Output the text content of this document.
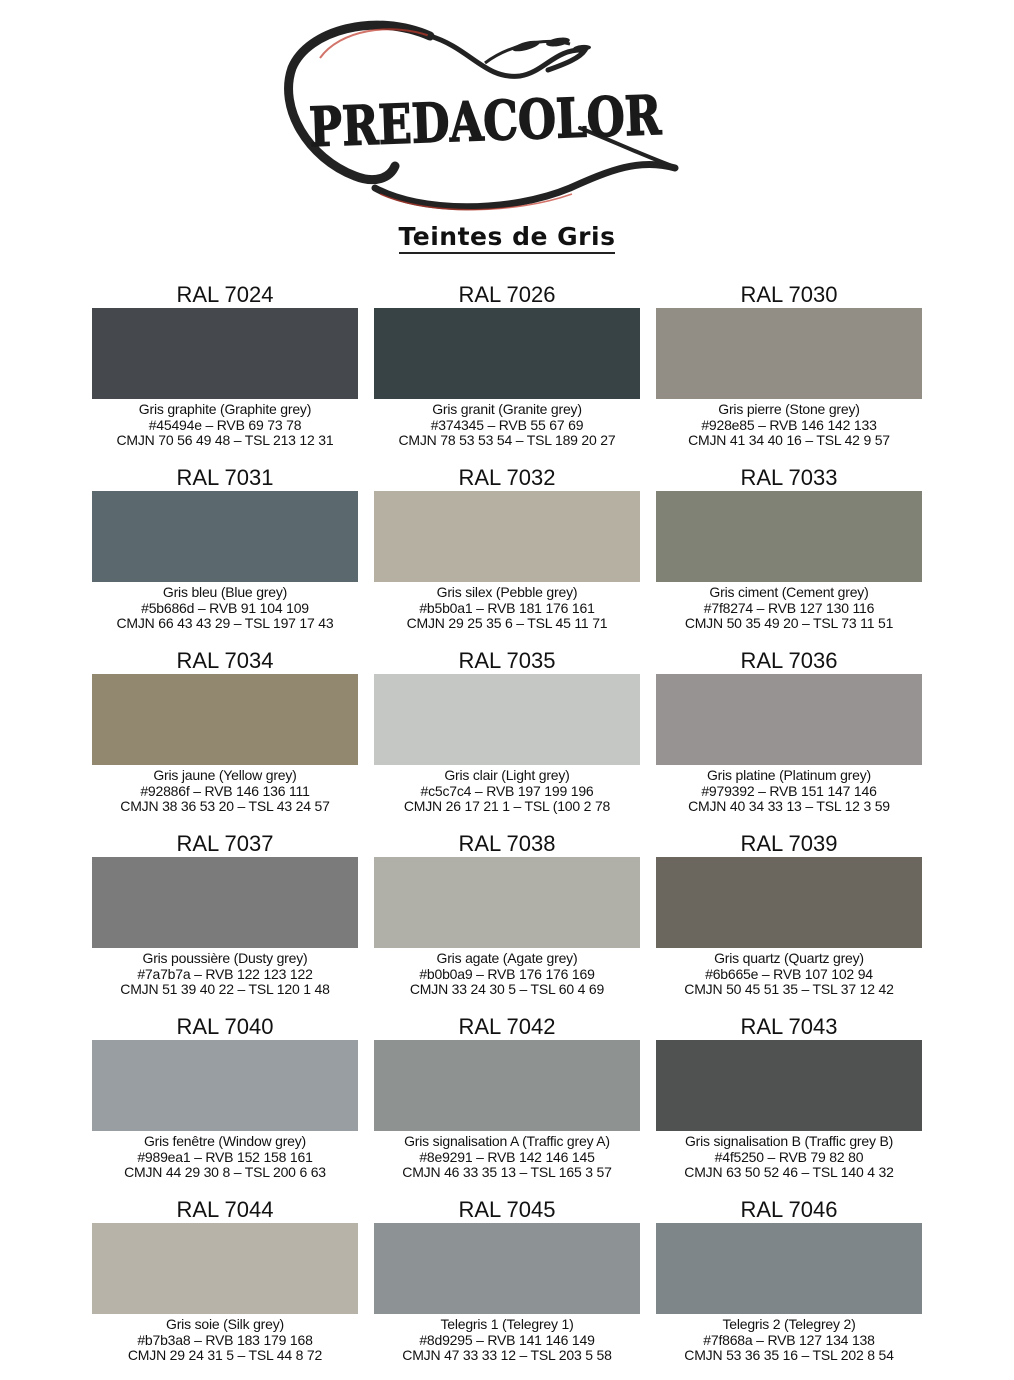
PREDACOLOR
Teintes de Gris
RAL 7024
Gris graphite (Graphite grey)
#45494e – RVB 69 73 78
CMJN 70 56 49 48 – TSL 213 12 31
RAL 7026
Gris granit (Granite grey)
#374345 – RVB 55 67 69
CMJN 78 53 53 54 – TSL 189 20 27
RAL 7030
Gris pierre (Stone grey)
#928e85 – RVB 146 142 133
CMJN 41 34 40 16 – TSL 42 9 57
RAL 7031
Gris bleu (Blue grey)
#5b686d – RVB 91 104 109
CMJN 66 43 43 29 – TSL 197 17 43
RAL 7032
Gris silex (Pebble grey)
#b5b0a1 – RVB 181 176 161
CMJN 29 25 35 6 – TSL 45 11 71
RAL 7033
Gris ciment (Cement grey)
#7f8274 – RVB 127 130 116
CMJN 50 35 49 20 – TSL 73 11 51
RAL 7034
Gris jaune (Yellow grey)
#92886f – RVB 146 136 111
CMJN 38 36 53 20 – TSL 43 24 57
RAL 7035
Gris clair (Light grey)
#c5c7c4 – RVB 197 199 196
CMJN 26 17 21 1 – TSL (100 2 78
RAL 7036
Gris platine (Platinum grey)
#979392 – RVB 151 147 146
CMJN 40 34 33 13 – TSL 12 3 59
RAL 7037
Gris poussière (Dusty grey)
#7a7b7a – RVB 122 123 122
CMJN 51 39 40 22 – TSL 120 1 48
RAL 7038
Gris agate (Agate grey)
#b0b0a9 – RVB 176 176 169
CMJN 33 24 30 5 – TSL 60 4 69
RAL 7039
Gris quartz (Quartz grey)
#6b665e – RVB 107 102 94
CMJN 50 45 51 35 – TSL 37 12 42
RAL 7040
Gris fenêtre (Window grey)
#989ea1 – RVB 152 158 161
CMJN 44 29 30 8 – TSL 200 6 63
RAL 7042
Gris signalisation A (Traffic grey A)
#8e9291 – RVB 142 146 145
CMJN 46 33 35 13 – TSL 165 3 57
RAL 7043
Gris signalisation B (Traffic grey B)
#4f5250 – RVB 79 82 80
CMJN 63 50 52 46 – TSL 140 4 32
RAL 7044
Gris soie (Silk grey)
#b7b3a8 – RVB 183 179 168
CMJN 29 24 31 5 – TSL 44 8 72
RAL 7045
Telegris 1 (Telegrey 1)
#8d9295 – RVB 141 146 149
CMJN 47 33 33 12 – TSL 203 5 58
RAL 7046
Telegris 2 (Telegrey 2)
#7f868a – RVB 127 134 138
CMJN 53 36 35 16 – TSL 202 8 54
